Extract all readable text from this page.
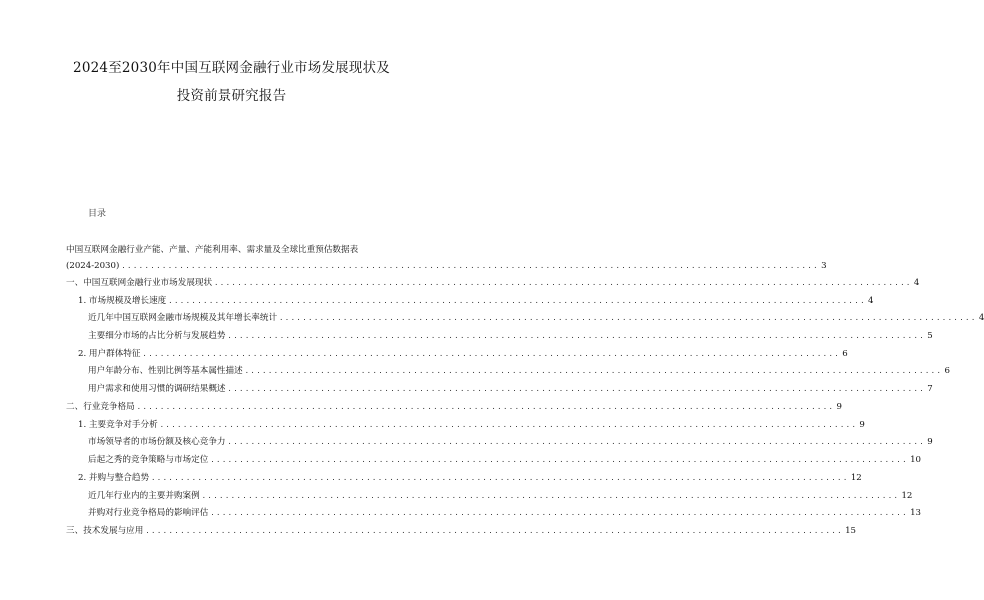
2024至2030年中国互联网金融行业市场发展现状及
投资前景研究报告
目录
中国互联网金融行业产能、产量、产能利用率、需求量及全球比重预估数据表
(2024-2030) ........................................................................................................................ 3
一、中国互联网金融行业市场发展现状 ........................................................................................................................ 4
1. 市场规模及增长速度 ........................................................................................................................ 4
近几年中国互联网金融市场规模及其年增长率统计 ........................................................................................................................ 4
主要细分市场的占比分析与发展趋势 ........................................................................................................................ 5
2. 用户群体特征 ........................................................................................................................ 6
用户年龄分布、性别比例等基本属性描述 ........................................................................................................................ 6
用户需求和使用习惯的调研结果概述 ........................................................................................................................ 7
二、行业竞争格局 ........................................................................................................................ 9
1. 主要竞争对手分析 ........................................................................................................................ 9
市场领导者的市场份额及核心竞争力 ........................................................................................................................ 9
后起之秀的竞争策略与市场定位 ........................................................................................................................ 10
2. 并购与整合趋势 ........................................................................................................................ 12
近几年行业内的主要并购案例 ........................................................................................................................ 12
并购对行业竞争格局的影响评估 ........................................................................................................................ 13
三、技术发展与应用 ........................................................................................................................ 15
